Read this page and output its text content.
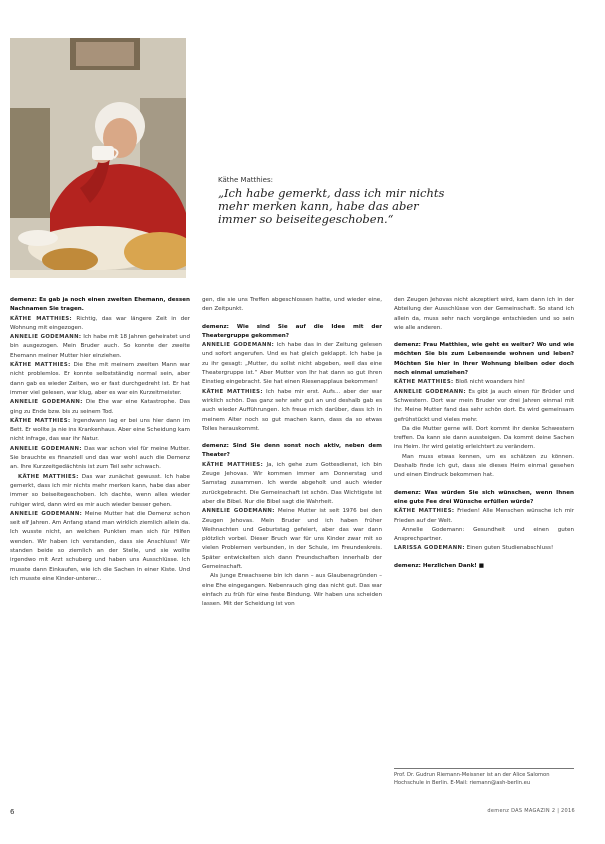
Käthe Matthies:
„Ich habe gemerkt, dass ich mir nichts mehr merken kann, habe das aber immer so beiseitegeschoben.“

demenz: Es gab ja noch einen zweiten Ehemann, dessen Nachnamen Sie tragen.

KÄTHE MATTHIES: Richtig, das war längere Zeit in der Wohnung mit eingezogen.

ANNELIE GODEMANN: Ich habe mit 18 Jahren geheiratet und bin ausgezogen. Mein Bruder auch. So konnte der zweite Ehemann meiner Mutter hier einziehen.

KÄTHE MATTHIES: Die Ehe mit meinem zweiten Mann war nicht problemlos. Er konnte selbstständig normal sein, aber dann gab es wieder Zeiten, wo er fast durchgedreht ist. Er hat immer viel gelesen, war klug, aber es war ein Kurzeitmeister.

ANNELIE GODEMANN: Die Ehe war eine Katastrophe. Das ging zu Ende bzw. bis zu seinem Tod.

KÄTHE MATTHIES: Irgendwann lag er bei uns hier dann im Bett. Er wollte ja nie ins Krankenhaus. Aber eine Scheidung kam nicht infrage, das war ihr Natur.

ANNELIE GODEMANN: Das war schon viel für meine Mutter. Sie brauchte es finanziell und das war wohl auch die Demenz an. Ihre Kurzzeitgedächtnis ist zum Teil sehr schwach.

KÄTHE MATTHIES: Das war zunächst gewusst. Ich habe gemerkt, dass ich mir nichts mehr merken kann, habe das aber immer so beiseitegeschoben. Ich dachte, wenn alles wieder ruhiger wird, dann wird es mir auch wieder besser gehen.

ANNELIE GODEMANN: Meine Mutter hat die Demenz schon seit elf Jahren. Am Anfang stand man wirklich ziemlich allein da. Ich wusste nicht, an welchen Punkten man sich für Hilfen wenden. Wir haben ich verstanden, dass sie Anschluss! Wir standen beide so ziemlich an der Stelle, und sie wollte irgendwo mit Arzt schuberg und haben uns Ausschlüsse. Ich musste dann Einkaufen, wie ich die Sachen in einer Kiste. Und ich musste eine Kinder-unterer...

gen, die sie uns Treffen abgeschlossen hatte, und wieder eine, den Zeitpunkt.

demenz: Wie sind Sie auf die Idee mit der Theatergruppe gekommen?

ANNELIE GODEMANN: Ich habe das in der Zeitung gelesen und sofort angerufen. Und es hat gleich geklappt. Ich habe ja zu ihr gesagt: „Mutter, du sollst nicht abgeben, weil das eine Theatergruppe ist.“ Aber Mutter von Ihr hat dann so gut ihren Einstieg eingebracht. Sie hat einen Riesenapplaus bekommen!

KÄTHE MATTHIES: Ich habe mir erst. Aufs... aber der war wirklich schön. Das ganz sehr sehr gut an und deshalb gab es auch wieder Aufführungen. Ich freue mich darüber, dass ich in meinem Alter noch so gut machen kann, dass da so etwas Tolles herauskommt.

demenz: Sind Sie denn sonst noch aktiv, neben dem Theater?

KÄTHE MATTHIES: Ja, ich gehe zum Gottesdienst, ich bin Zeuge Jehovas. Wir kommen immer am Donnerstag und Samstag zusammen. Ich werde abgeholt und auch wieder zurückgebracht. Die Gemeinschaft ist schön. Das Wichtigste ist aber die Bibel. Nur die Bibel sagt die Wahrheit.

ANNELIE GODEMANN: Meine Mutter ist seit 1976 bei den Zeugen Jehovas. Mein Bruder und ich haben früher Weihnachten und Geburtstag gefeiert, aber das war dann plötzlich vorbei. Dieser Bruch war für uns Kinder zwar mit so vielen Problemen verbunden, in der Schule, im Freundeskreis. Später entwickelten sich dann Freundschaften innerhalb der Gemeinschaft.

Als junge Erwachsene bin ich dann – aus Glaubensgründen – eine Ehe eingegangen. Nebenrauch ging das nicht gut. Das war einfach zu früh für eine feste Bindung. Wir haben uns scheiden lassen. Mit der Scheidung ist von

den Zeugen Jehovas nicht akzeptiert wird, kam dann ich in der Abteilung der Ausschlüsse von der Gemeinschaft. So stand ich allein da, muss sehr nach vorgänge entschieden und so sein wie alle anderen.

demenz: Frau Matthies, wie geht es weiter? Wo und wie möchten Sie bis zum Lebensende wohnen und leben? Möchten Sie hier in Ihrer Wohnung bleiben oder doch noch einmal umziehen?

KÄTHE MATTHIES: Bloß nicht woanders hin!

ANNELIE GODEMANN: Es gibt ja auch einen für Brüder und Schwestern. Dort war mein Bruder vor drei Jahren einmal mit ihr. Meine Mutter fand das sehr schön dort. Es wird gemeinsam gefrühstückt und vieles mehr.

Da die Mutter gerne will. Dort kommt ihr denke Schwestern treffen. Da kann sie dann aussteigen. Da kommt deine Sachen ins Heim. Ihr wird geistig erleichtert zu verändern.

Man muss etwas kennen, um es schätzen zu können. Deshalb finde ich gut, dass sie dieses Heim einmal gesehen und einen Eindruck bekommen hat.

demenz: Was würden Sie sich wünschen, wenn Ihnen eine gute Fee drei Wünsche erfüllen würde?

KÄTHE MATTHIES: Frieden! Alle Menschen wünsche ich mir Frieden auf der Welt.

Annelie Godemann: Gesundheit und einen guten Ansprechpartner.

LARISSA GODEMANN: Einen guten Studienabschluss!

demenz: Herzlichen Dank! ■

Prof. Dr. Gudrun Riemann-Meissner ist an der Alice Salomon Hochschule in Berlin. E-Mail: riemann@ash-berlin.eu
6	demenz DAS MAGAZIN 2 | 2016
